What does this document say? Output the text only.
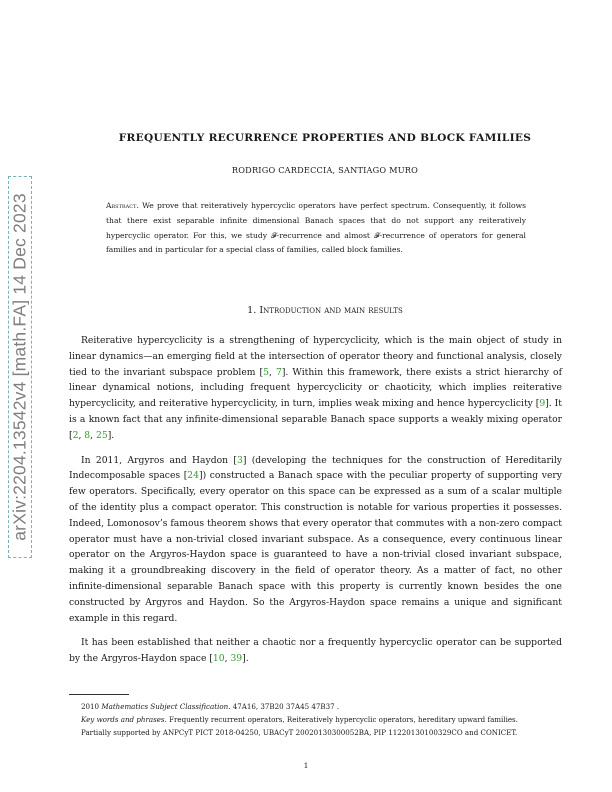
arXiv:2204.13542v4 [math.FA] 14 Dec 2023
FREQUENTLY RECURRENCE PROPERTIES AND BLOCK FAMILIES
RODRIGO CARDECCIA, SANTIAGO MURO
Abstract. We prove that reiteratively hypercyclic operators have perfect spectrum. Consequently, it follows that there exist separable infinite dimensional Banach spaces that do not support any reiteratively hypercyclic operator. For this, we study 𝓕-recurrence and almost 𝓕-recurrence of operators for general families and in particular for a special class of families, called block families.
1. Introduction and main results

Reiterative hypercyclicity is a strengthening of hypercyclicity, which is the main object of study in linear dynamics—an emerging field at the intersection of operator theory and functional analysis, closely tied to the invariant subspace problem [5, 7]. Within this framework, there exists a strict hierarchy of linear dynamical notions, including frequent hypercyclicity or chaoticity, which implies reiterative hypercyclicity, and reiterative hypercyclicity, in turn, implies weak mixing and hence hypercyclicity [9]. It is a known fact that any infinite-dimensional separable Banach space supports a weakly mixing operator [2, 8, 25].

In 2011, Argyros and Haydon [3] (developing the techniques for the construction of Hereditarily Indecomposable spaces [24]) constructed a Banach space with the peculiar property of supporting very few operators. Specifically, every operator on this space can be expressed as a sum of a scalar multiple of the identity plus a compact operator. This construction is notable for various properties it possesses. Indeed, Lomonosov’s famous theorem shows that every operator that commutes with a non-zero compact operator must have a non-trivial closed invariant subspace. As a consequence, every continuous linear operator on the Argyros-Haydon space is guaranteed to have a non-trivial closed invariant subspace, making it a groundbreaking discovery in the field of operator theory. As a matter of fact, no other infinite-dimensional separable Banach space with this property is currently known besides the one constructed by Argyros and Haydon. So the Argyros-Haydon space remains a unique and significant example in this regard.

It has been established that neither a chaotic nor a frequently hypercyclic operator can be supported by the Argyros-Haydon space [10, 39].

2010 Mathematics Subject Classification. 47A16, 37B20 37A45 47B37 .
Key words and phrases. Frequently recurrent operators, Reiteratively hypercyclic operators, hereditary upward families.
Partially supported by ANPCyT PICT 2018-04250, UBACyT 20020130300052BA, PIP 11220130100329CO and CONICET.
1
